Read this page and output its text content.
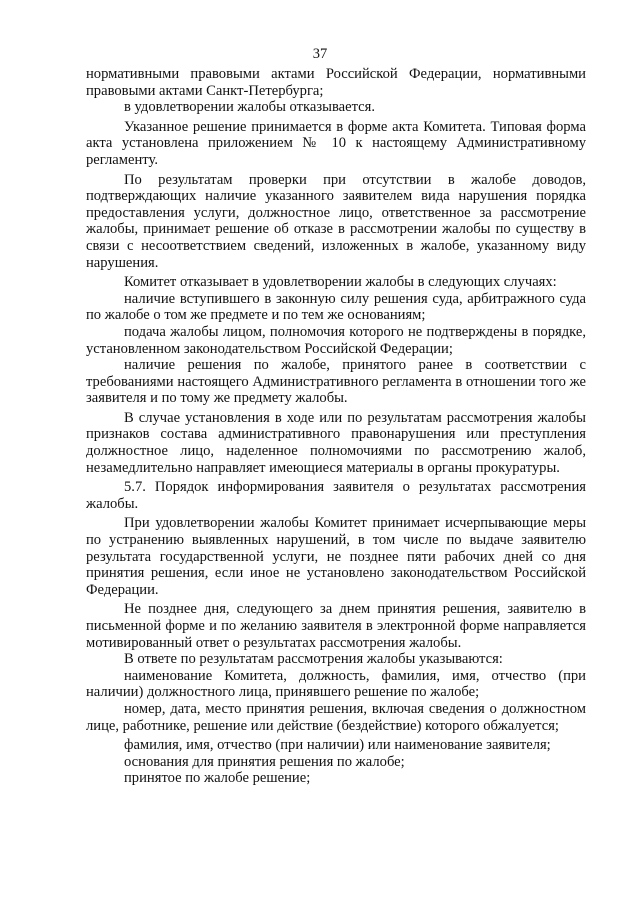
37

нормативными правовыми актами Российской Федерации, нормативными правовыми актами Санкт-Петербурга;

в удовлетворении жалобы отказывается.

Указанное решение принимается в форме акта Комитета. Типовая форма акта установлена приложением № 10 к настоящему Административному регламенту.

По результатам проверки при отсутствии в жалобе доводов, подтверждающих наличие указанного заявителем вида нарушения порядка предоставления услуги, должностное лицо, ответственное за рассмотрение жалобы, принимает решение об отказе в рассмотрении жалобы по существу в связи с несоответствием сведений, изложенных в жалобе, указанному виду нарушения.

Комитет отказывает в удовлетворении жалобы в следующих случаях:

наличие вступившего в законную силу решения суда, арбитражного суда по жалобе о том же предмете и по тем же основаниям;

подача жалобы лицом, полномочия которого не подтверждены в порядке, установленном законодательством Российской Федерации;

наличие решения по жалобе, принятого ранее в соответствии с требованиями настоящего Административного регламента в отношении того же заявителя и по тому же предмету жалобы.

В случае установления в ходе или по результатам рассмотрения жалобы признаков состава административного правонарушения или преступления должностное лицо, наделенное полномочиями по рассмотрению жалоб, незамедлительно направляет имеющиеся материалы в органы прокуратуры.

5.7. Порядок информирования заявителя о результатах рассмотрения жалобы.

При удовлетворении жалобы Комитет принимает исчерпывающие меры по устранению выявленных нарушений, в том числе по выдаче заявителю результата государственной услуги, не позднее пяти рабочих дней со дня принятия решения, если иное не установлено законодательством Российской Федерации.

Не позднее дня, следующего за днем принятия решения, заявителю в письменной форме и по желанию заявителя в электронной форме направляется мотивированный ответ о результатах рассмотрения жалобы.

В ответе по результатам рассмотрения жалобы указываются:

наименование Комитета, должность, фамилия, имя, отчество (при наличии) должностного лица, принявшего решение по жалобе;

номер, дата, место принятия решения, включая сведения о должностном лице, работнике, решение или действие (бездействие) которого обжалуется;

фамилия, имя, отчество (при наличии) или наименование заявителя;

основания для принятия решения по жалобе;

принятое по жалобе решение;
